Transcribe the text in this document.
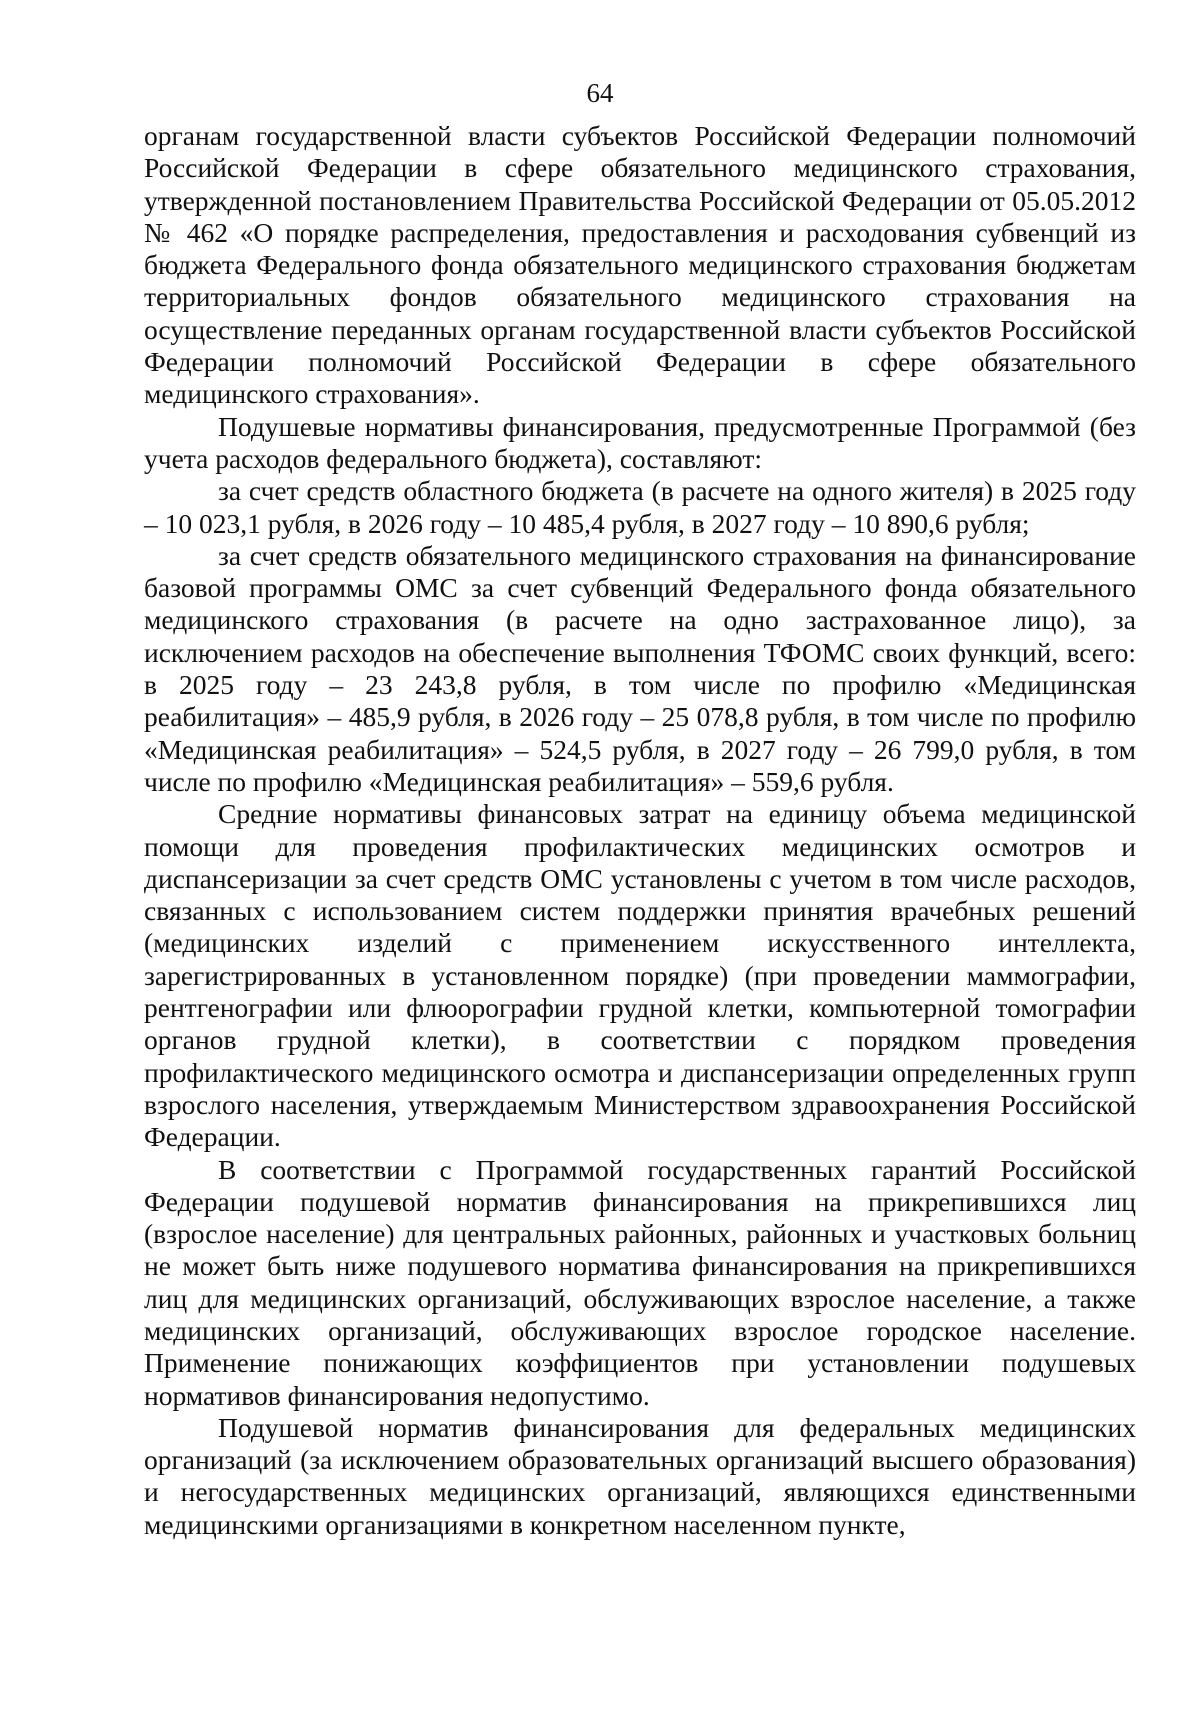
64

органам государственной власти субъектов Российской Федерации полномочий Российской Федерации в сфере обязательного медицинского страхования, утвержденной постановлением Правительства Российской Федерации от 05.05.2012 № 462 «О порядке распределения, предоставления и расходования субвенций из бюджета Федерального фонда обязательного медицинского страхования бюджетам территориальных фондов обязательного медицинского страхования на осуществление переданных органам государственной власти субъектов Российской Федерации полномочий Российской Федерации в сфере обязательного медицинского страхования».

Подушевые нормативы финансирования, предусмотренные Программой (без учета расходов федерального бюджета), составляют:

за счет средств областного бюджета (в расчете на одного жителя) в 2025 году – 10 023,1 рубля, в 2026 году – 10 485,4 рубля, в 2027 году – 10 890,6 рубля;

за счет средств обязательного медицинского страхования на финансирование базовой программы ОМС за счет субвенций Федерального фонда обязательного медицинского страхования (в расчете на одно застрахованное лицо), за исключением расходов на обеспечение выполнения ТФОМС своих функций, всего: в 2025 году – 23 243,8 рубля, в том числе по профилю «Медицинская реабилитация» – 485,9 рубля, в 2026 году – 25 078,8 рубля, в том числе по профилю «Медицинская реабилитация» – 524,5 рубля, в 2027 году – 26 799,0 рубля, в том числе по профилю «Медицинская реабилитация» – 559,6 рубля.

Средние нормативы финансовых затрат на единицу объема медицинской помощи для проведения профилактических медицинских осмотров и диспансеризации за счет средств ОМС установлены с учетом в том числе расходов, связанных с использованием систем поддержки принятия врачебных решений (медицинских изделий с применением искусственного интеллекта, зарегистрированных в установленном порядке) (при проведении маммографии, рентгенографии или флюорографии грудной клетки, компьютерной томографии органов грудной клетки), в соответствии с порядком проведения профилактического медицинского осмотра и диспансеризации определенных групп взрослого населения, утверждаемым Министерством здравоохранения Российской Федерации.

В соответствии с Программой государственных гарантий Российской Федерации подушевой норматив финансирования на прикрепившихся лиц (взрослое население) для центральных районных, районных и участковых больниц не может быть ниже подушевого норматива финансирования на прикрепившихся лиц для медицинских организаций, обслуживающих взрослое население, а также медицинских организаций, обслуживающих взрослое городское население. Применение понижающих коэффициентов при установлении подушевых нормативов финансирования недопустимо.

Подушевой норматив финансирования для федеральных медицинских организаций (за исключением образовательных организаций высшего образования) и негосударственных медицинских организаций, являющихся единственными медицинскими организациями в конкретном населенном пункте,
